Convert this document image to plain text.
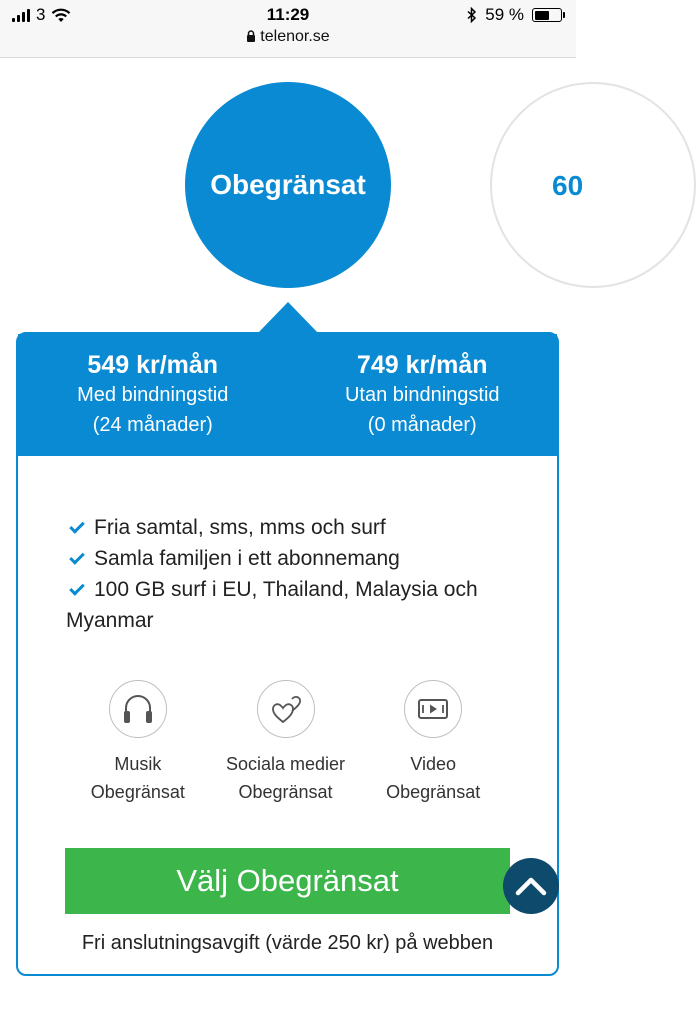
3	11:29
telenor.se
59 %
Obegränsat	60
549 kr/mån
Med bindningstid
(24 månader)
749 kr/mån
Utan bindningstid
(0 månader)
Fria samtal, sms, mms och surf
Samla familjen i ett abonnemang
100 GB surf i EU, Thailand, Malaysia och Myanmar
Musik
Obegränsat
Sociala medier
Obegränsat
Video
Obegränsat
Välj Obegränsat
Fri anslutningsavgift (värde 250 kr) på webben
